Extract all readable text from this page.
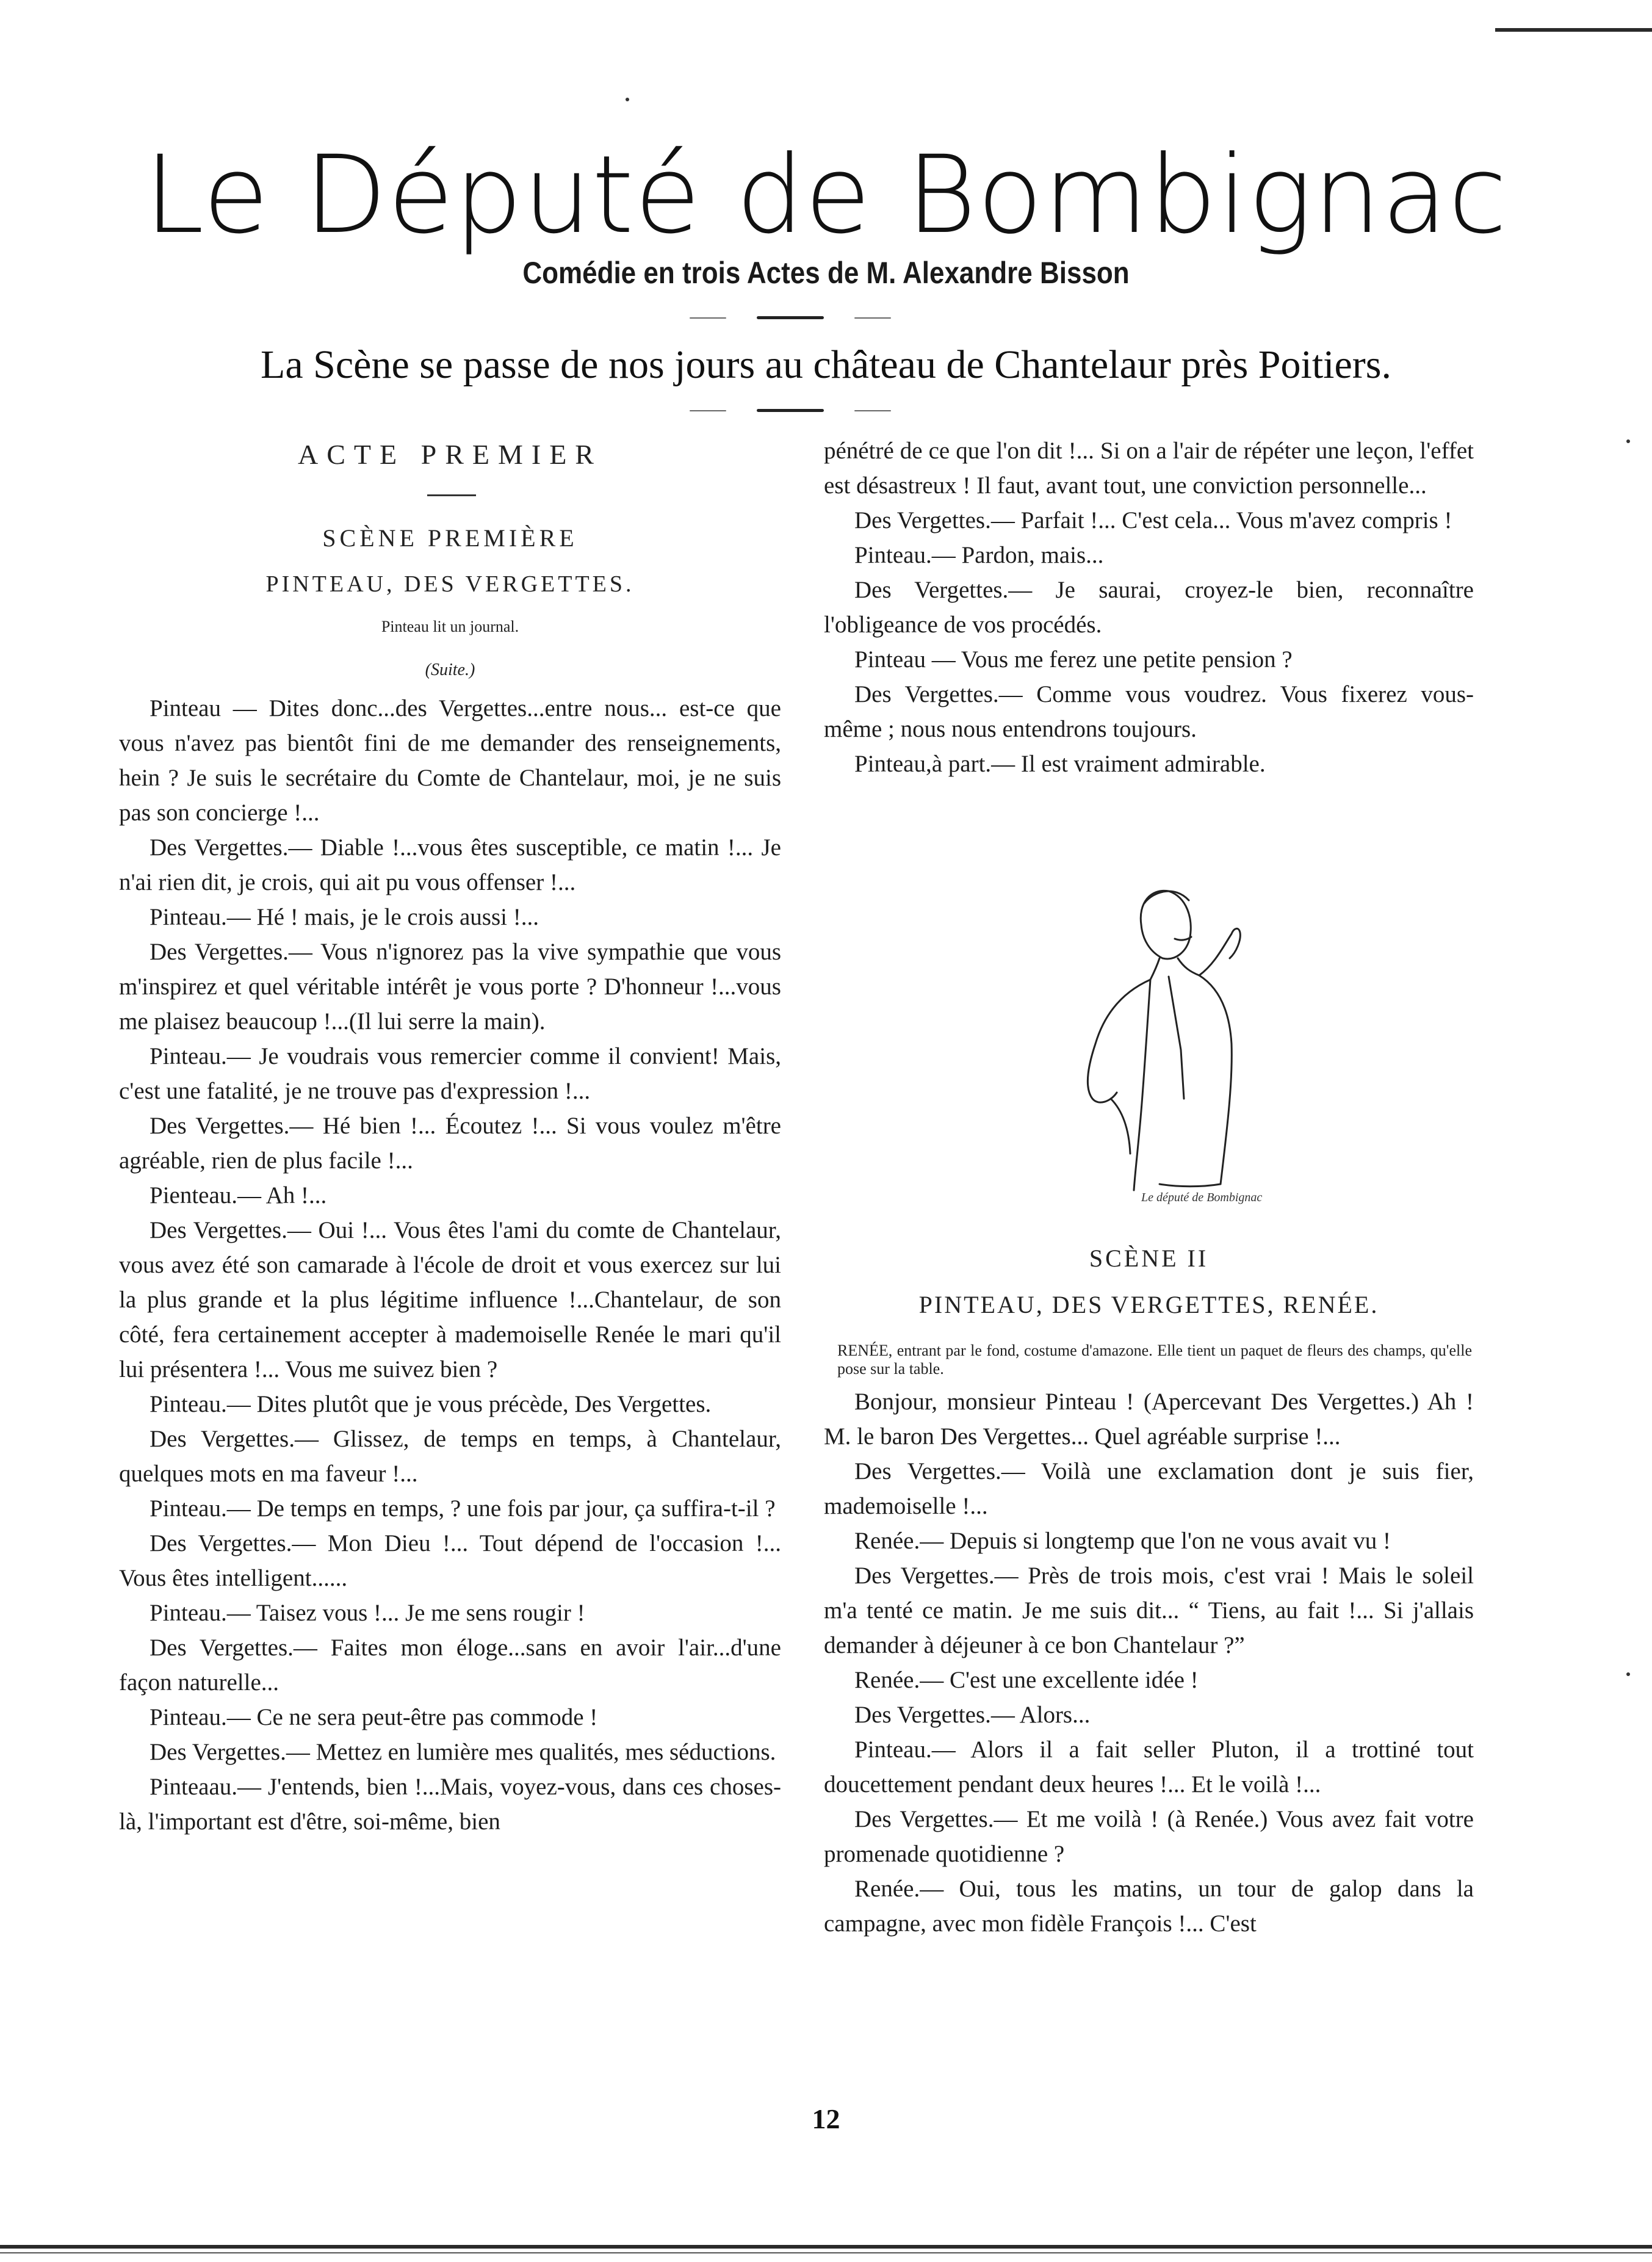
Le Député de Bombignac
Comédie en trois Actes de M. Alexandre Bisson
La Scène se passe de nos jours au château de Chantelaur près Poitiers.
ACTE PREMIER
SCÈNE PREMIÈRE
PINTEAU, DES VERGETTES.
Pinteau lit un journal.
(Suite.)

Pinteau — Dites donc...des Vergettes...entre nous... est-ce que vous n'avez pas bientôt fini de me demander des renseignements, hein ? Je suis le secrétaire du Comte de Chantelaur, moi, je ne suis pas son concierge !...

Des Vergettes.— Diable !...vous êtes susceptible, ce matin !... Je n'ai rien dit, je crois, qui ait pu vous offenser !...

Pinteau.— Hé ! mais, je le crois aussi !...

Des Vergettes.— Vous n'ignorez pas la vive sympathie que vous m'inspirez et quel véritable intérêt je vous porte ? D'honneur !...vous me plaisez beaucoup !...(Il lui serre la main).

Pinteau.— Je voudrais vous remercier comme il convient! Mais, c'est une fatalité, je ne trouve pas d'expression !...

Des Vergettes.— Hé bien !... Écoutez !... Si vous voulez m'être agréable, rien de plus facile !...

Pienteau.— Ah !...

Des Vergettes.— Oui !... Vous êtes l'ami du comte de Chantelaur, vous avez été son camarade à l'école de droit et vous exercez sur lui la plus grande et la plus légitime influence !...Chantelaur, de son côté, fera certainement accepter à mademoiselle Renée le mari qu'il lui présentera !... Vous me suivez bien ?

Pinteau.— Dites plutôt que je vous précède, Des Vergettes.

Des Vergettes.— Glissez, de temps en temps, à Chantelaur, quelques mots en ma faveur !...

Pinteau.— De temps en temps, ? une fois par jour, ça suffira-t-il ?

Des Vergettes.— Mon Dieu !... Tout dépend de l'occasion !... Vous êtes intelligent......

Pinteau.— Taisez vous !... Je me sens rougir !

Des Vergettes.— Faites mon éloge...sans en avoir l'air...d'une façon naturelle...

Pinteau.— Ce ne sera peut-être pas commode !

Des Vergettes.— Mettez en lumière mes qualités, mes séductions.

Pinteaau.— J'entends, bien !...Mais, voyez-vous, dans ces choses-là, l'important est d'être, soi-même, bien

pénétré de ce que l'on dit !... Si on a l'air de répéter une leçon, l'effet est désastreux ! Il faut, avant tout, une conviction personnelle...

Des Vergettes.— Parfait !... C'est cela... Vous m'avez compris !

Pinteau.— Pardon, mais...

Des Vergettes.— Je saurai, croyez-le bien, reconnaître l'obligeance de vos procédés.

Pinteau — Vous me ferez une petite pension ?

Des Vergettes.— Comme vous voudrez. Vous fixerez vous-même ; nous nous entendrons toujours.

Pinteau,à part.— Il est vraiment admirable.

Le député de Bombignac
SCÈNE II
PINTEAU, DES VERGETTES, RENÉE.
RENÉE, entrant par le fond, costume d'amazone. Elle tient un paquet de fleurs des champs, qu'elle pose sur la table.

Bonjour, monsieur Pinteau ! (Apercevant Des Vergettes.) Ah ! M. le baron Des Vergettes... Quel agréable surprise !...

Des Vergettes.— Voilà une exclamation dont je suis fier, mademoiselle !...

Renée.— Depuis si longtemp que l'on ne vous avait vu !

Des Vergettes.— Près de trois mois, c'est vrai ! Mais le soleil m'a tenté ce matin. Je me suis dit... “ Tiens, au fait !... Si j'allais demander à déjeuner à ce bon Chantelaur ?”

Renée.— C'est une excellente idée !

Des Vergettes.— Alors...

Pinteau.— Alors il a fait seller Pluton, il a trottiné tout doucettement pendant deux heures !... Et le voilà !...

Des Vergettes.— Et me voilà ! (à Renée.) Vous avez fait votre promenade quotidienne ?

Renée.— Oui, tous les matins, un tour de galop dans la campagne, avec mon fidèle François !... C'est

12
